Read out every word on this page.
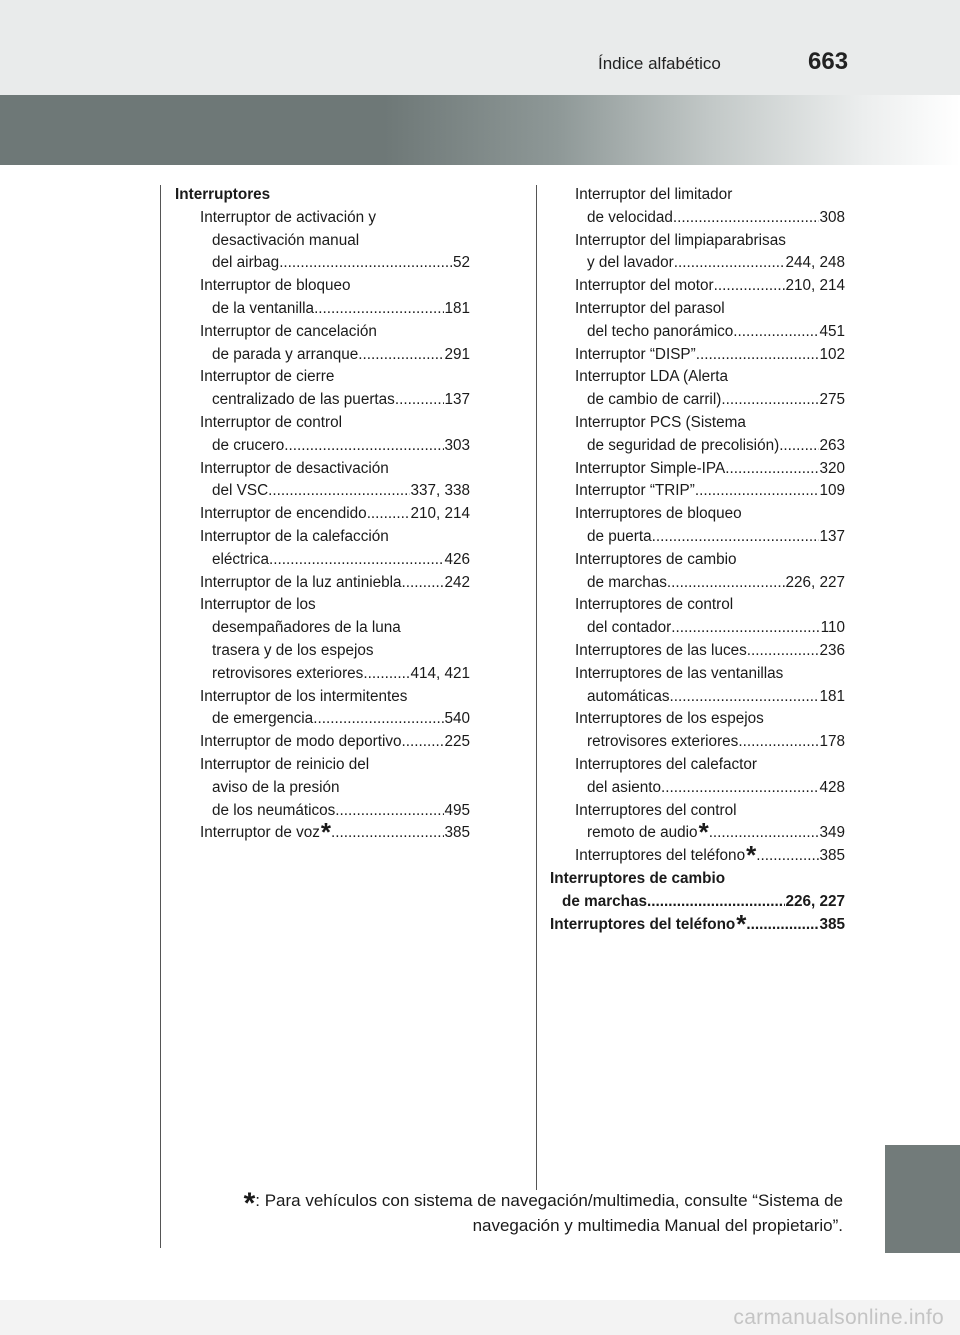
Índice alfabético	663
Interruptores
Interruptor de activación y
desactivación manual
del airbag .....	52
Interruptor de bloqueo
de la ventanilla .....	181
Interruptor de cancelación
de parada y arranque .....	291
Interruptor de cierre
centralizado de las puertas .....	137
Interruptor de control
de crucero .....	303
Interruptor de desactivación
del VSC .....	337, 338
Interruptor de encendido .....	210, 214
Interruptor de la calefacción
eléctrica .....	426
Interruptor de la luz antiniebla .....	242
Interruptor de los
desempañadores de la luna
trasera y de los espejos
retrovisores exteriores .....	414, 421
Interruptor de los intermitentes
de emergencia .....	540
Interruptor de modo deportivo .....	225
Interruptor de reinicio del
aviso de la presión
de los neumáticos .....	495
Interruptor de voz * .....	385
Interruptor del limitador
de velocidad .....	308
Interruptor del limpiaparabrisas
y del lavador .....	244, 248
Interruptor del motor .....	210, 214
Interruptor del parasol
del techo panorámico .....	451
Interruptor “DISP” .....	102
Interruptor LDA (Alerta
de cambio de carril) .....	275
Interruptor PCS (Sistema
de seguridad de precolisión) .....	263
Interruptor Simple-IPA .....	320
Interruptor “TRIP” .....	109
Interruptores de bloqueo
de puerta .....	137
Interruptores de cambio
de marchas .....	226, 227
Interruptores de control
del contador .....	110
Interruptores de las luces .....	236
Interruptores de las ventanillas
automáticas .....	181
Interruptores de los espejos
retrovisores exteriores .....	178
Interruptores del calefactor
del asiento .....	428
Interruptores del control
remoto de audio * .....	349
Interruptores del teléfono * .....	385
Interruptores de cambio
de marchas .....	226, 227
Interruptores del teléfono * .....	385
*: Para vehículos con sistema de navegación/multimedia, consulte “Sistema de navegación y multimedia Manual del propietario”.
carmanualsonline.info
